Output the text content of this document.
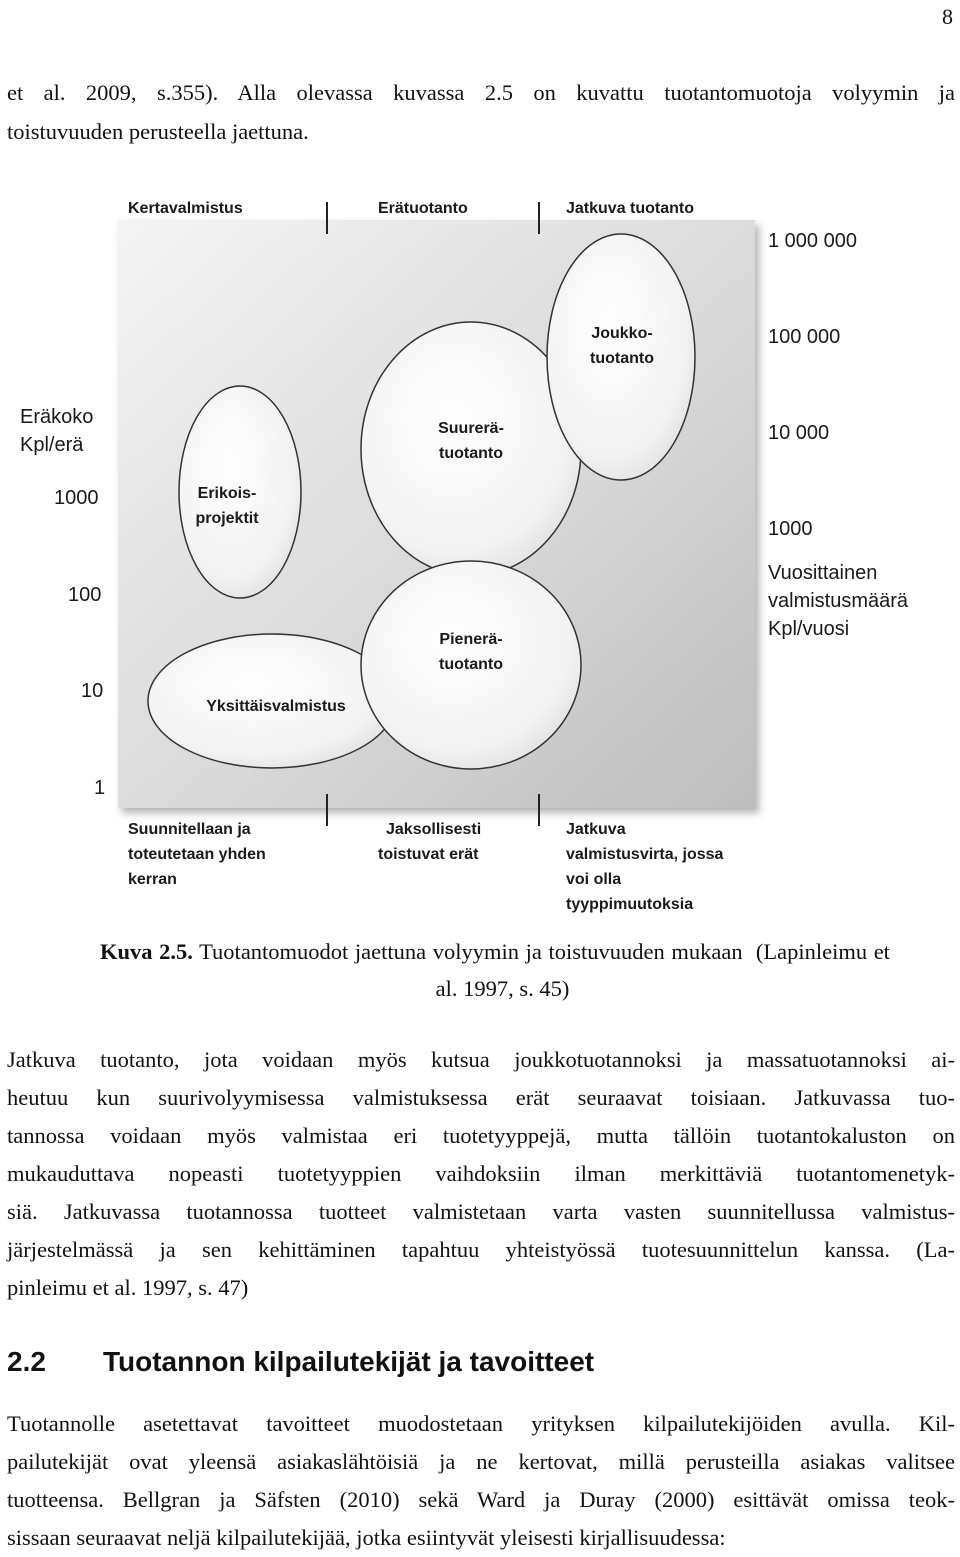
8
et al. 2009, s.355). Alla olevassa kuvassa 2.5 on kuvattu tuotantomuotoja volyymin ja
toistuvuuden perusteella jaettuna.
Erikois-projektit
Yksittäisvalmistus
Suurerä-tuotanto
Pienerä-tuotanto
Joukko-tuotanto
Kertavalmistus	Erätuotanto	Jatkuva tuotanto
Eräkoko
Kpl/erä
1000
100
10
1
1 000 000
100 000
10 000
1000
Vuosittainen
valmistusmäärä
Kpl/vuosi
Suunnitellaan ja
toteutetaan yhden
kerran
Jaksollisesti
toistuvat erät
Jatkuva
valmistusvirta, jossa
voi olla
tyyppimuutoksia
Kuva 2.5. Tuotantomuodot jaettuna volyymin ja toistuvuuden mukaan  (Lapinleimu et
al. 1997, s. 45)
Jatkuva tuotanto, jota voidaan myös kutsua joukkotuotannoksi ja massatuotannoksi ai-
heutuu kun suurivolyymisessa valmistuksessa erät seuraavat toisiaan. Jatkuvassa tuo-
tannossa voidaan myös valmistaa eri tuotetyyppejä, mutta tällöin tuotantokaluston on
mukauduttava nopeasti tuotetyyppien vaihdoksiin ilman merkittäviä tuotantomenetyk-
siä. Jatkuvassa tuotannossa tuotteet valmistetaan varta vasten suunnitellussa valmistus-
järjestelmässä ja sen kehittäminen tapahtuu yhteistyössä tuotesuunnittelun kanssa. (La-
pinleimu et al. 1997, s. 47)
2.2 Tuotannon kilpailutekijät ja tavoitteet
Tuotannolle asetettavat tavoitteet muodostetaan yrityksen kilpailutekijöiden avulla. Kil-
pailutekijät ovat yleensä asiakaslähtöisiä ja ne kertovat, millä perusteilla asiakas valitsee
tuotteensa. Bellgran ja Säfsten (2010) sekä Ward ja Duray (2000) esittävät omissa teok-
sissaan seuraavat neljä kilpailutekijää, jotka esiintyvät yleisesti kirjallisuudessa:
